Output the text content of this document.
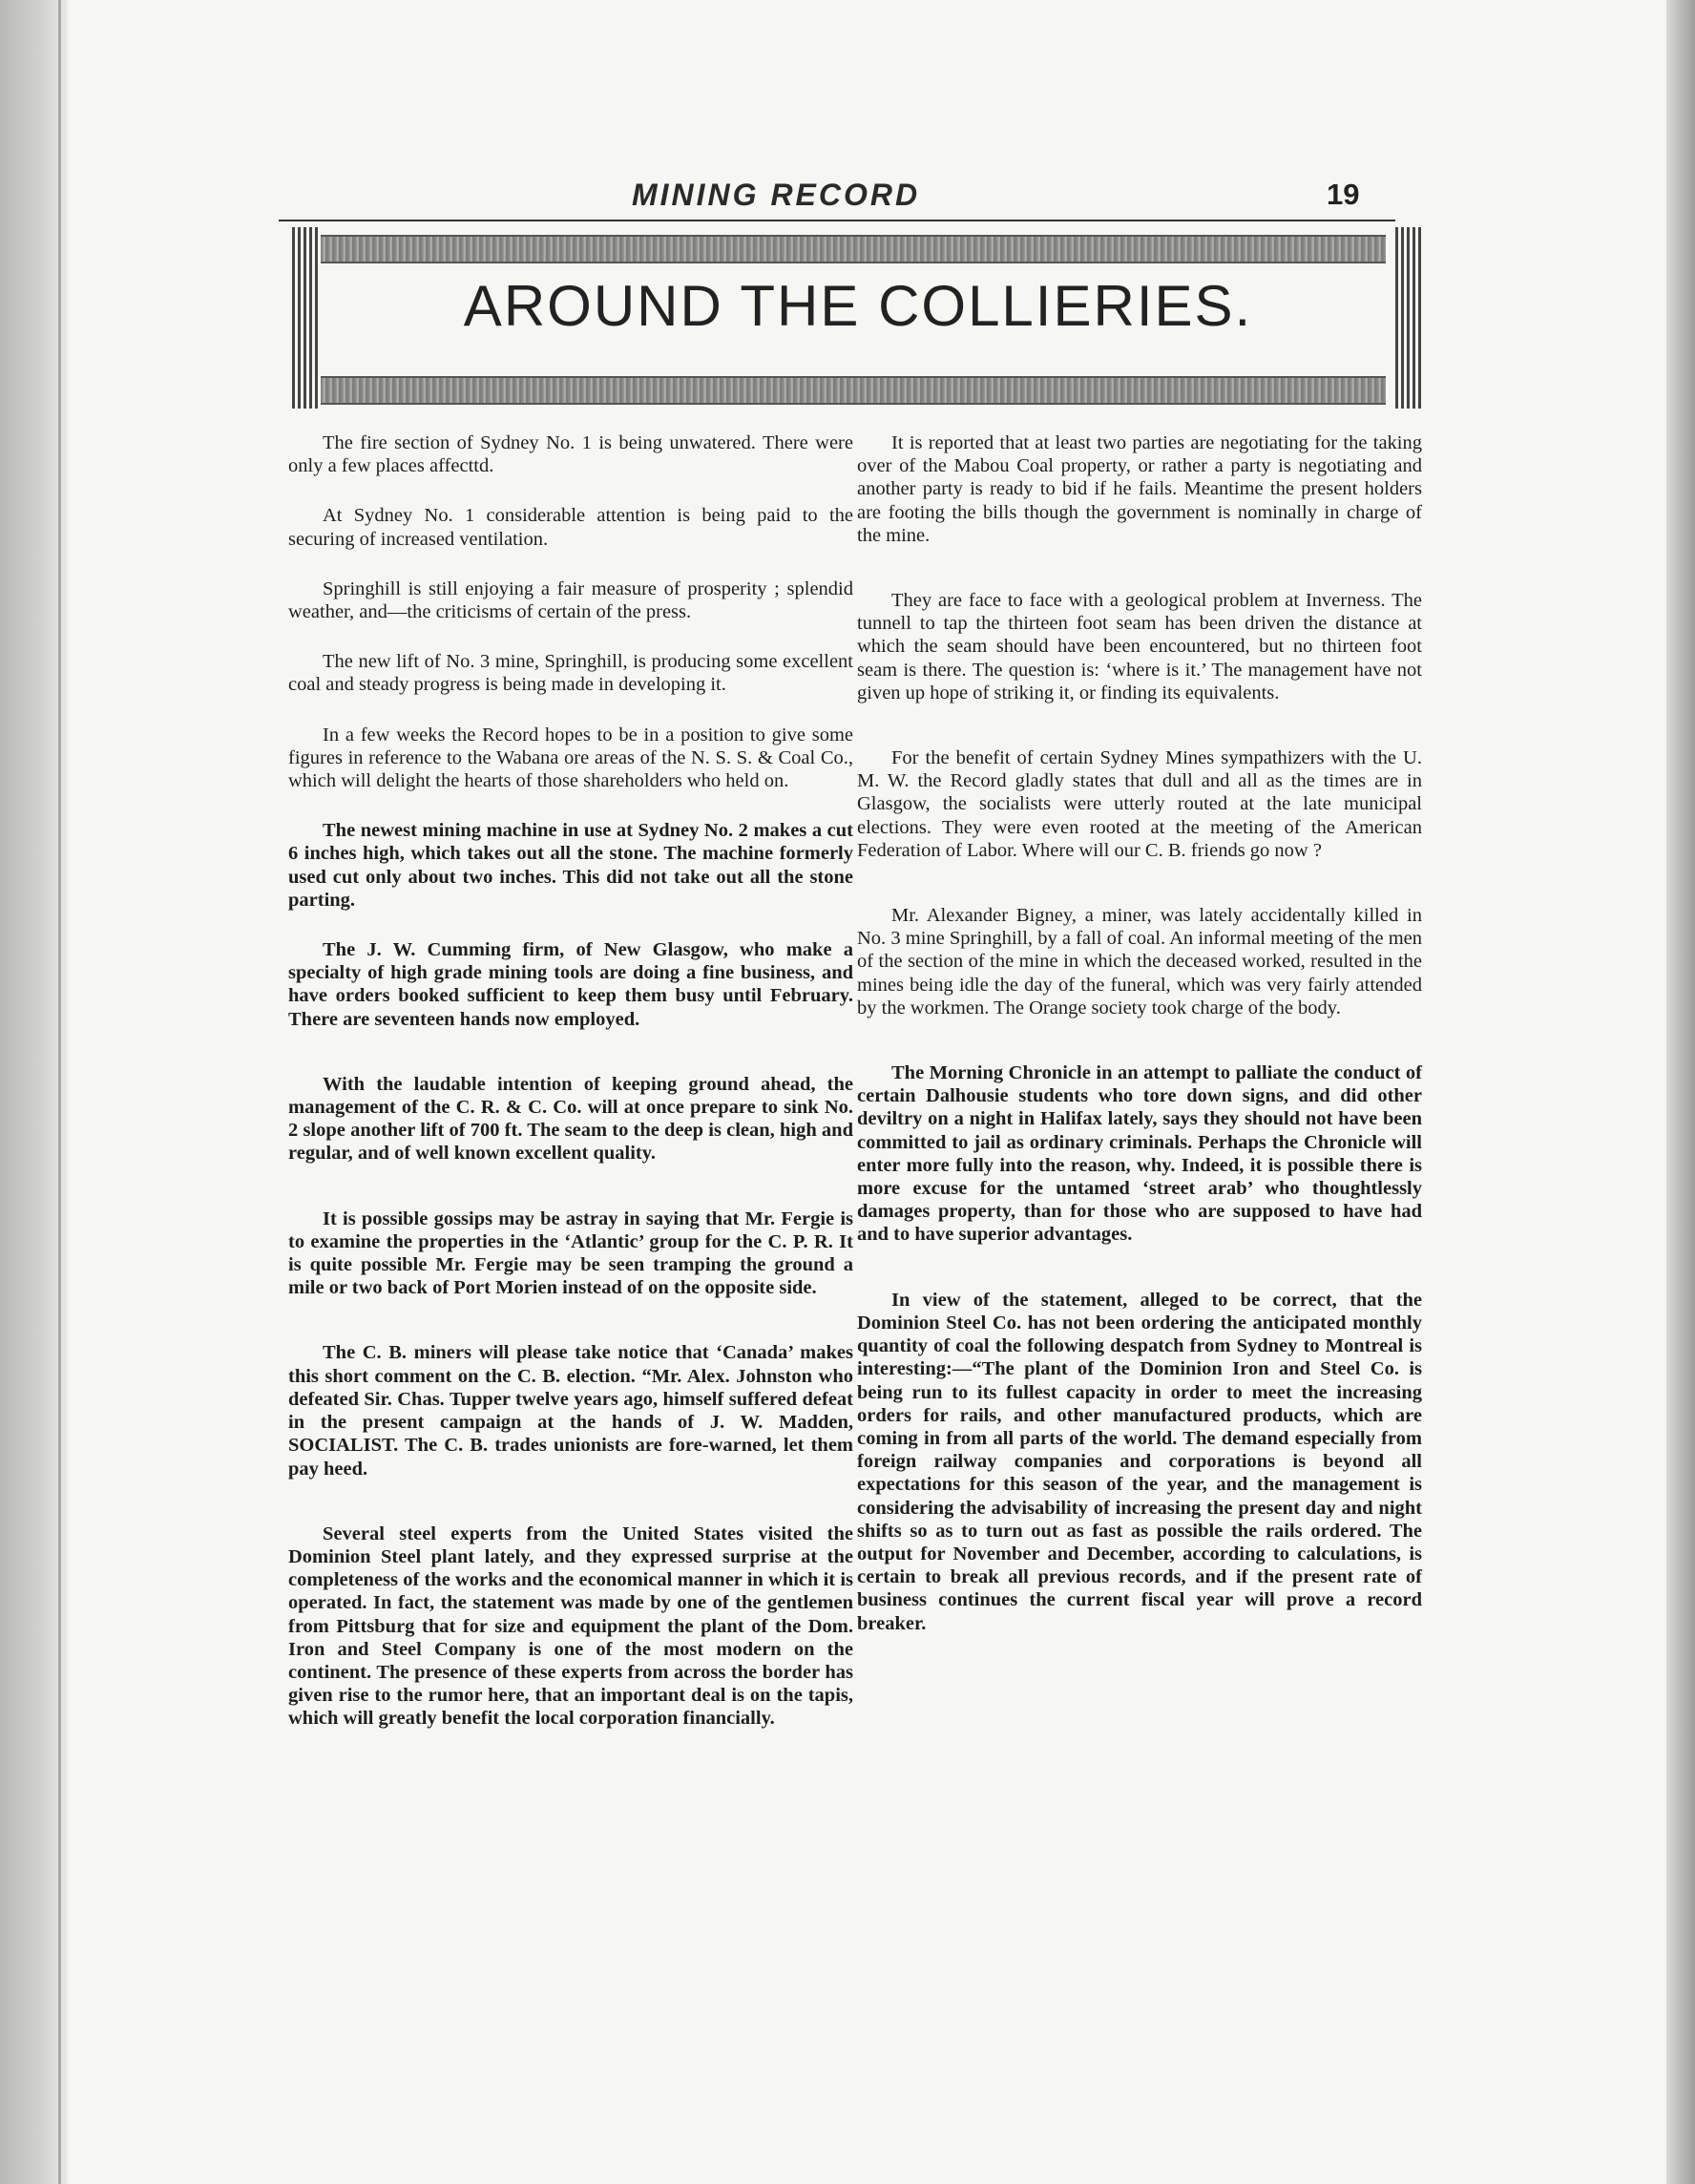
MINING RECORD	19
AROUND THE COLLIERIES.

The fire section of Sydney No. 1 is being unwatered. There were only a few places affecttd.

At Sydney No. 1 considerable attention is being paid to the securing of increased ventilation.

Springhill is still enjoying a fair measure of prosperity ; splendid weather, and—the criticisms of certain of the press.

The new lift of No. 3 mine, Springhill, is producing some excellent coal and steady progress is being made in developing it.

In a few weeks the Record hopes to be in a position to give some figures in reference to the Wabana ore areas of the N. S. S. & Coal Co., which will delight the hearts of those shareholders who held on.

The newest mining machine in use at Sydney No. 2 makes a cut 6 inches high, which takes out all the stone. The machine formerly used cut only about two inches. This did not take out all the stone parting.

The J. W. Cumming firm, of New Glasgow, who make a specialty of high grade mining tools are doing a fine business, and have orders booked sufficient to keep them busy until February. There are seventeen hands now employed.

With the laudable intention of keeping ground ahead, the management of the C. R. & C. Co. will at once prepare to sink No. 2 slope another lift of 700 ft. The seam to the deep is clean, high and regular, and of well known excellent quality.

It is possible gossips may be astray in saying that Mr. Fergie is to examine the properties in the ‘Atlantic’ group for the C. P. R. It is quite possible Mr. Fergie may be seen tramping the ground a mile or two back of Port Morien instead of on the opposite side.

The C. B. miners will please take notice that ‘Canada’ makes this short comment on the C. B. election. “Mr. Alex. Johnston who defeated Sir. Chas. Tupper twelve years ago, himself suffered defeat in the present campaign at the hands of J. W. Madden, SOCIALIST. The C. B. trades unionists are fore-warned, let them pay heed.

Several steel experts from the United States visited the Dominion Steel plant lately, and they expressed surprise at the completeness of the works and the economical manner in which it is operated. In fact, the statement was made by one of the gentlemen from Pittsburg that for size and equipment the plant of the Dom. Iron and Steel Company is one of the most modern on the continent. The presence of these experts from across the border has given rise to the rumor here, that an important deal is on the tapis, which will greatly benefit the local corporation financially.

It is reported that at least two parties are negotiating for the taking over of the Mabou Coal property, or rather a party is negotiating and another party is ready to bid if he fails. Meantime the present holders are footing the bills though the government is nominally in charge of the mine.

They are face to face with a geological problem at Inverness. The tunnell to tap the thirteen foot seam has been driven the distance at which the seam should have been encountered, but no thirteen foot seam is there. The question is: ‘where is it.’ The management have not given up hope of striking it, or finding its equivalents.

For the benefit of certain Sydney Mines sympathizers with the U. M. W. the Record gladly states that dull and all as the times are in Glasgow, the socialists were utterly routed at the late municipal elections. They were even rooted at the meeting of the American Federation of Labor. Where will our C. B. friends go now ?

Mr. Alexander Bigney, a miner, was lately accidentally killed in No. 3 mine Springhill, by a fall of coal. An informal meeting of the men of the section of the mine in which the deceased worked, resulted in the mines being idle the day of the funeral, which was very fairly attended by the workmen. The Orange society took charge of the body.

The Morning Chronicle in an attempt to palliate the conduct of certain Dalhousie students who tore down signs, and did other deviltry on a night in Halifax lately, says they should not have been committed to jail as ordinary criminals. Perhaps the Chronicle will enter more fully into the reason, why. Indeed, it is possible there is more excuse for the untamed ‘street arab’ who thoughtlessly damages property, than for those who are supposed to have had and to have superior advantages.

In view of the statement, alleged to be correct, that the Dominion Steel Co. has not been ordering the anticipated monthly quantity of coal the following despatch from Sydney to Montreal is interesting:—“The plant of the Dominion Iron and Steel Co. is being run to its fullest capacity in order to meet the increasing orders for rails, and other manufactured products, which are coming in from all parts of the world. The demand especially from foreign railway companies and corporations is beyond all expectations for this season of the year, and the management is considering the advisability of increasing the present day and night shifts so as to turn out as fast as possible the rails ordered. The output for November and December, according to calculations, is certain to break all previous records, and if the present rate of business continues the current fiscal year will prove a record breaker.
